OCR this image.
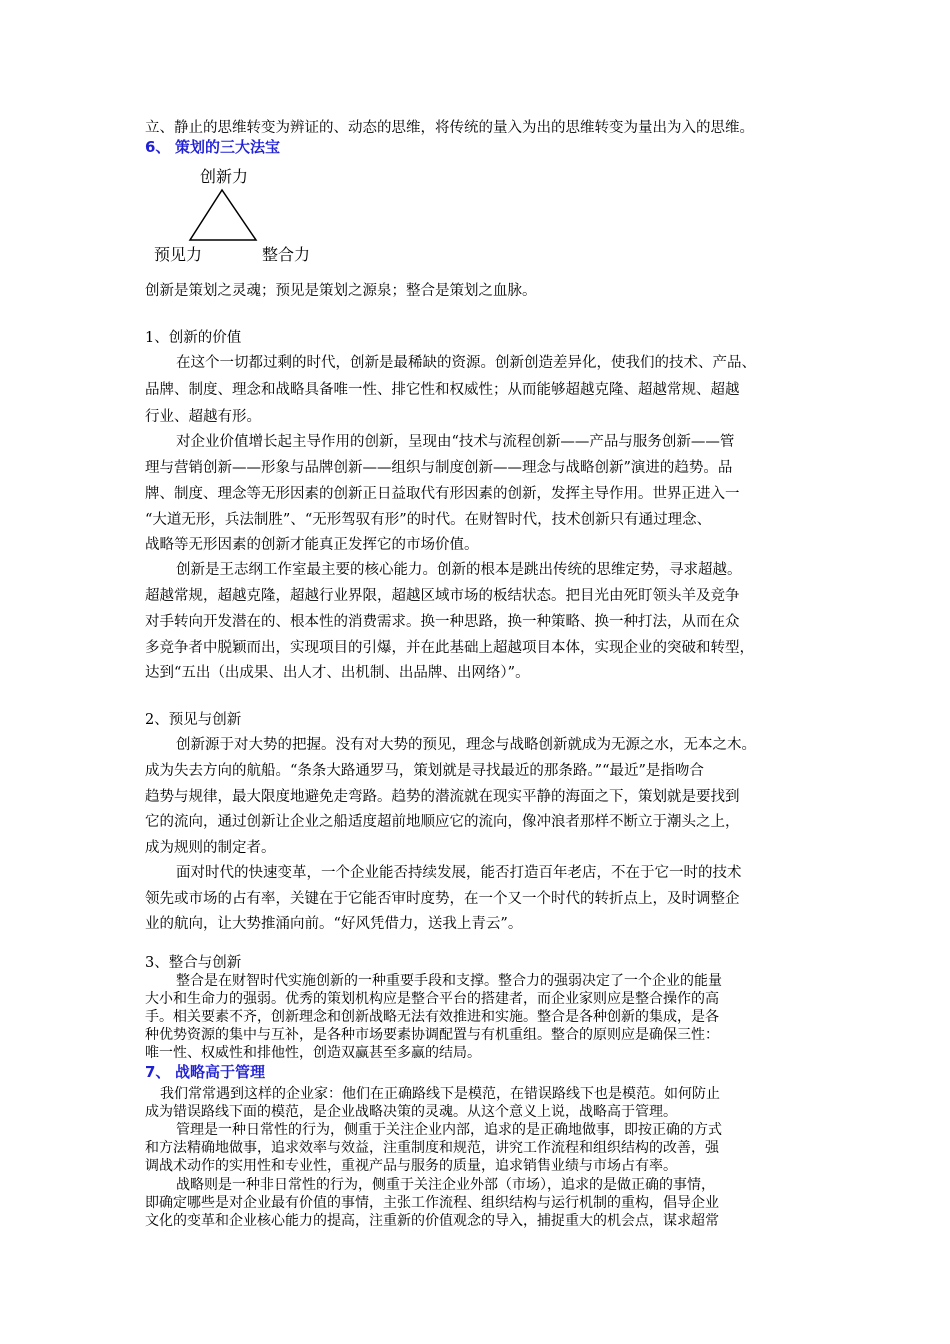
立、静止的思维转变为辨证的、动态的思维，将传统的量入为出的思维转变为量出为入的思维。
6、 策划的三大法宝
创新力
预见力	整合力
创新是策划之灵魂；预见是策划之源泉；整合是策划之血脉。
1、创新的价值
在这个一切都过剩的时代，创新是最稀缺的资源。创新创造差异化，使我们的技术、产品、
品牌、制度、理念和战略具备唯一性、排它性和权威性；从而能够超越克隆、超越常规、超越
行业、超越有形。
对企业价值增长起主导作用的创新，呈现由“技术与流程创新——产品与服务创新——管
理与营销创新——形象与品牌创新——组织与制度创新——理念与战略创新”演进的趋势。品
牌、制度、理念等无形因素的创新正日益取代有形因素的创新，发挥主导作用。世界正进入一
“大道无形，兵法制胜”、“无形驾驭有形”的时代。在财智时代，技术创新只有通过理念、
战略等无形因素的创新才能真正发挥它的市场价值。
创新是王志纲工作室最主要的核心能力。创新的根本是跳出传统的思维定势，寻求超越。
超越常规，超越克隆，超越行业界限，超越区域市场的板结状态。把目光由死盯领头羊及竞争
对手转向开发潜在的、根本性的消费需求。换一种思路，换一种策略、换一种打法，从而在众
多竞争者中脱颖而出，实现项目的引爆，并在此基础上超越项目本体，实现企业的突破和转型，
达到“五出（出成果、出人才、出机制、出品牌、出网络）”。
2、预见与创新
创新源于对大势的把握。没有对大势的预见，理念与战略创新就成为无源之水，无本之木。
成为失去方向的航船。“条条大路通罗马，策划就是寻找最近的那条路。”“最近”是指吻合
趋势与规律，最大限度地避免走弯路。趋势的潜流就在现实平静的海面之下，策划就是要找到
它的流向，通过创新让企业之船适度超前地顺应它的流向，像冲浪者那样不断立于潮头之上，
成为规则的制定者。
面对时代的快速变革，一个企业能否持续发展，能否打造百年老店，不在于它一时的技术
领先或市场的占有率，关键在于它能否审时度势，在一个又一个时代的转折点上，及时调整企
业的航向，让大势推涌向前。“好风凭借力，送我上青云”。
3、整合与创新
整合是在财智时代实施创新的一种重要手段和支撑。整合力的强弱决定了一个企业的能量
大小和生命力的强弱。优秀的策划机构应是整合平台的搭建者，而企业家则应是整合操作的高
手。相关要素不齐，创新理念和创新战略无法有效推进和实施。整合是各种创新的集成，是各
种优势资源的集中与互补，是各种市场要素协调配置与有机重组。整合的原则应是确保三性：
唯一性、权威性和排他性，创造双赢甚至多赢的结局。
7、 战略高于管理
我们常常遇到这样的企业家：他们在正确路线下是模范，在错误路线下也是模范。如何防止
成为错误路线下面的模范，是企业战略决策的灵魂。从这个意义上说，战略高于管理。
管理是一种日常性的行为，侧重于关注企业内部，追求的是正确地做事，即按正确的方式
和方法精确地做事，追求效率与效益，注重制度和规范，讲究工作流程和组织结构的改善，强
调战术动作的实用性和专业性，重视产品与服务的质量，追求销售业绩与市场占有率。
战略则是一种非日常性的行为，侧重于关注企业外部（市场），追求的是做正确的事情，
即确定哪些是对企业最有价值的事情，主张工作流程、组织结构与运行机制的重构，倡导企业
文化的变革和企业核心能力的提高，注重新的价值观念的导入，捕捉重大的机会点，谋求超常
